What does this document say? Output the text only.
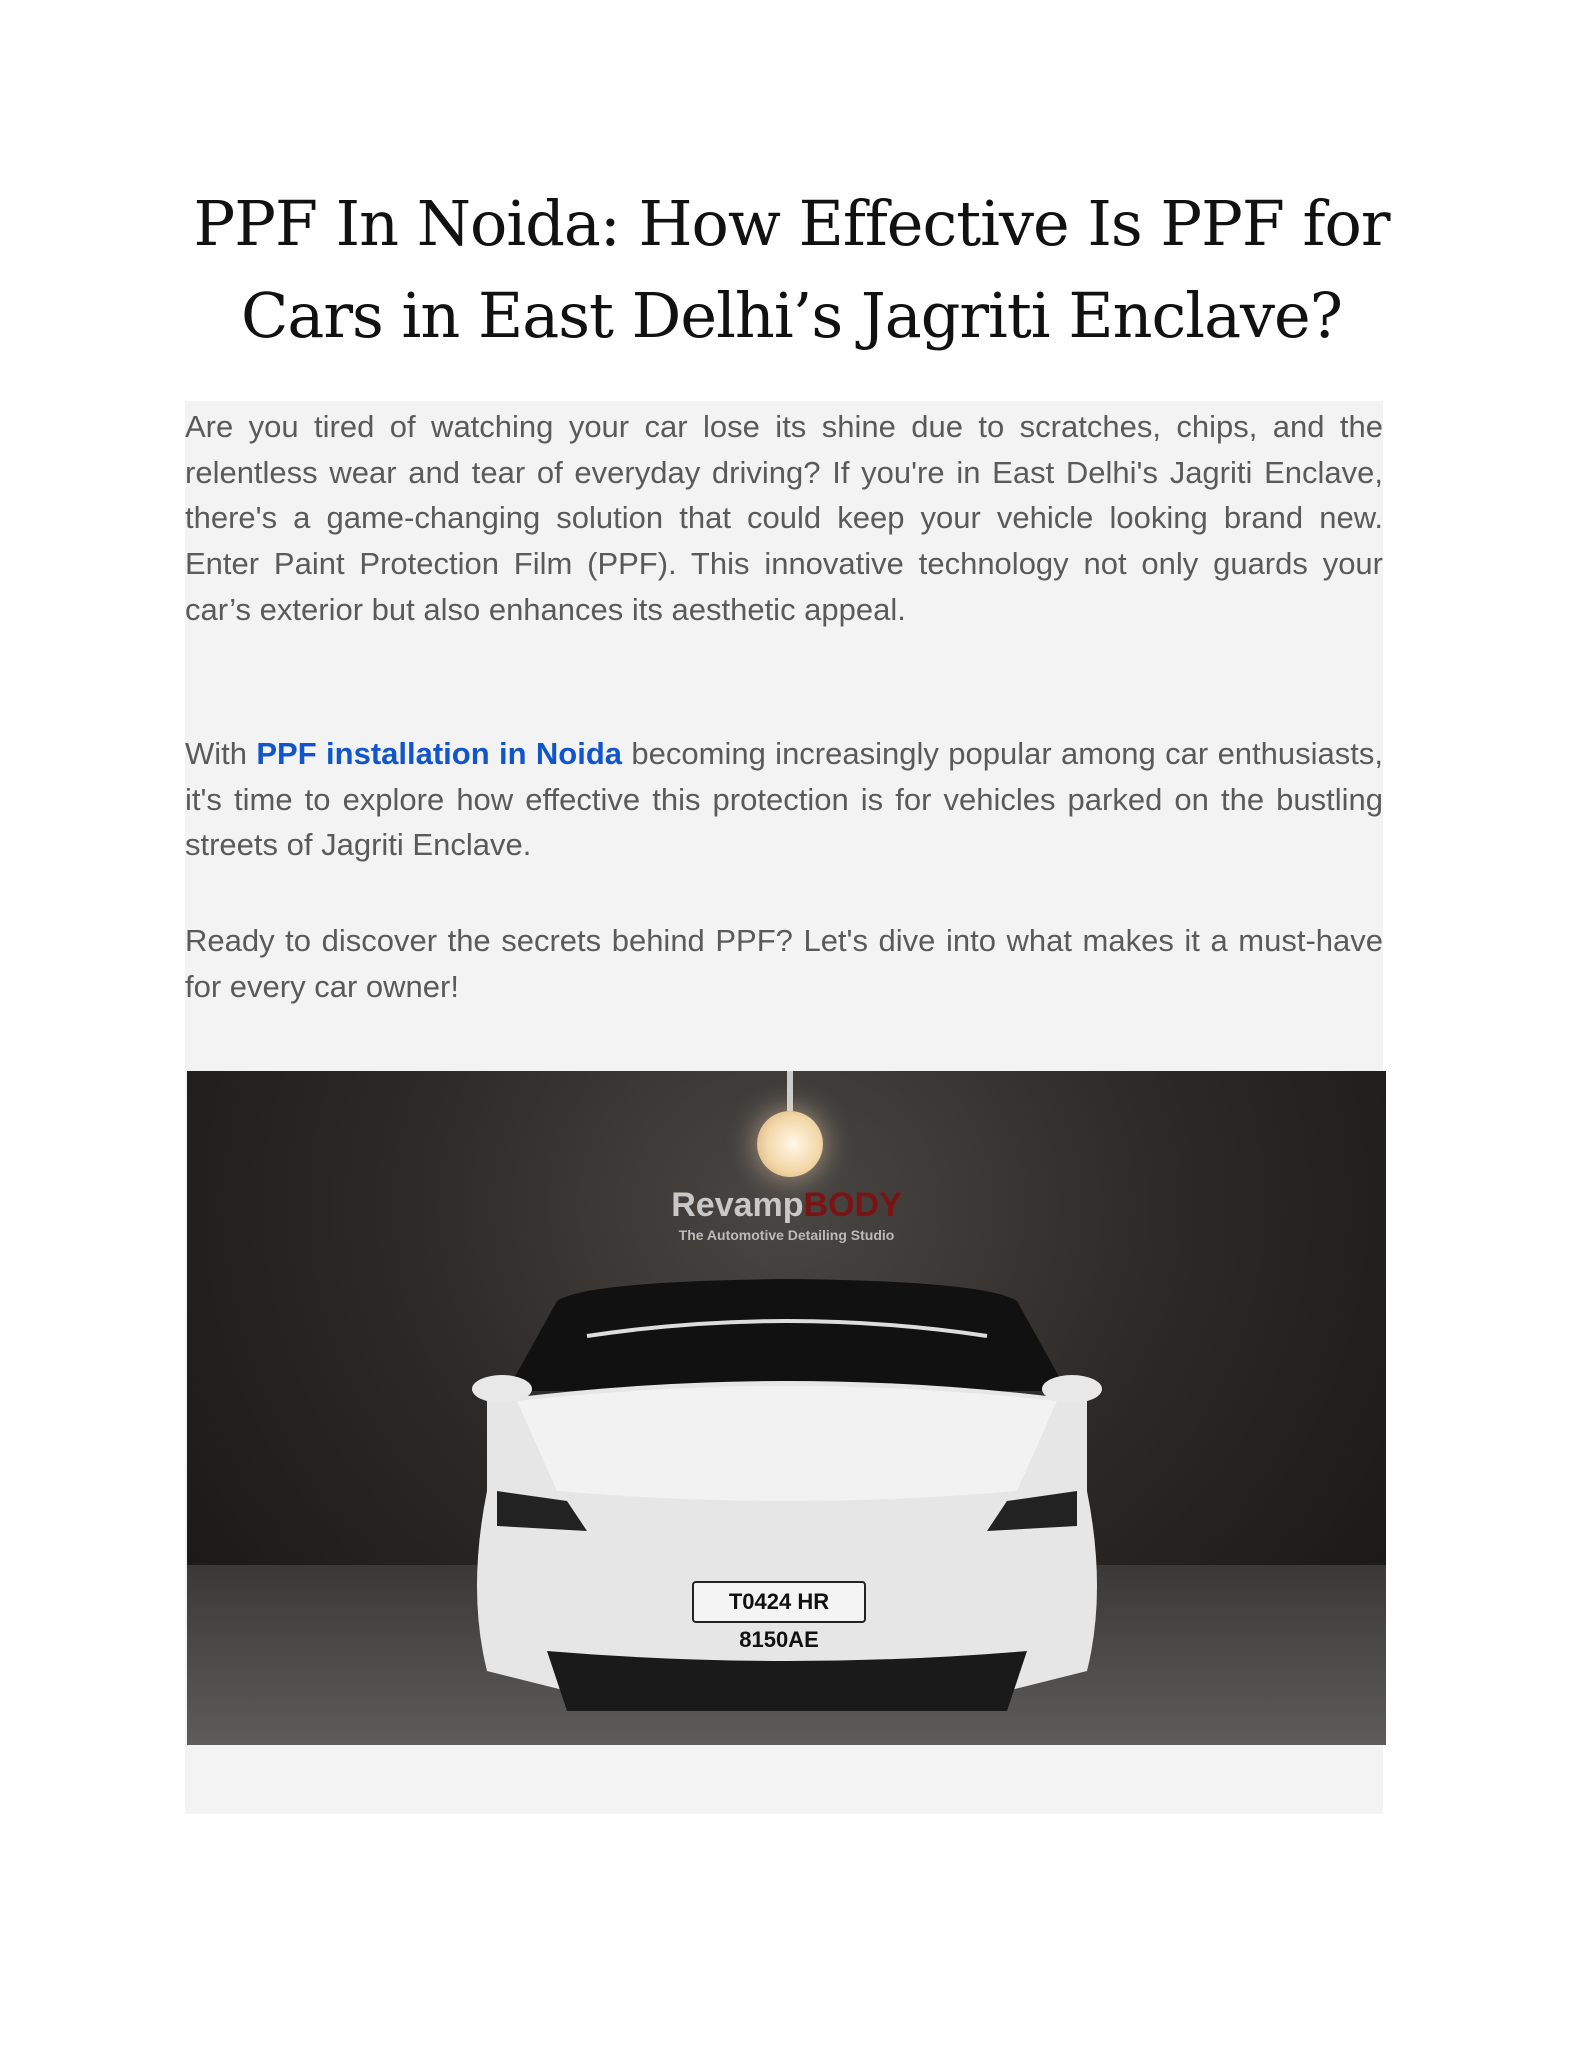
PPF In Noida: How Effective Is PPF for Cars in East Delhi’s Jagriti Enclave?

Are you tired of watching your car lose its shine due to scratches, chips, and the relentless wear and tear of everyday driving? If you're in East Delhi's Jagriti Enclave, there's a game-changing solution that could keep your vehicle looking brand new. Enter Paint Protection Film (PPF). This innovative technology not only guards your car’s exterior but also enhances its aesthetic appeal.

With PPF installation in Noida becoming increasingly popular among car enthusiasts, it's time to explore how effective this protection is for vehicles parked on the bustling streets of Jagriti Enclave.

Ready to discover the secrets behind PPF? Let's dive into what makes it a must-have for every car owner!

RevampBODY
The Automotive Detailing Studio
T0424 HR 8150AE
